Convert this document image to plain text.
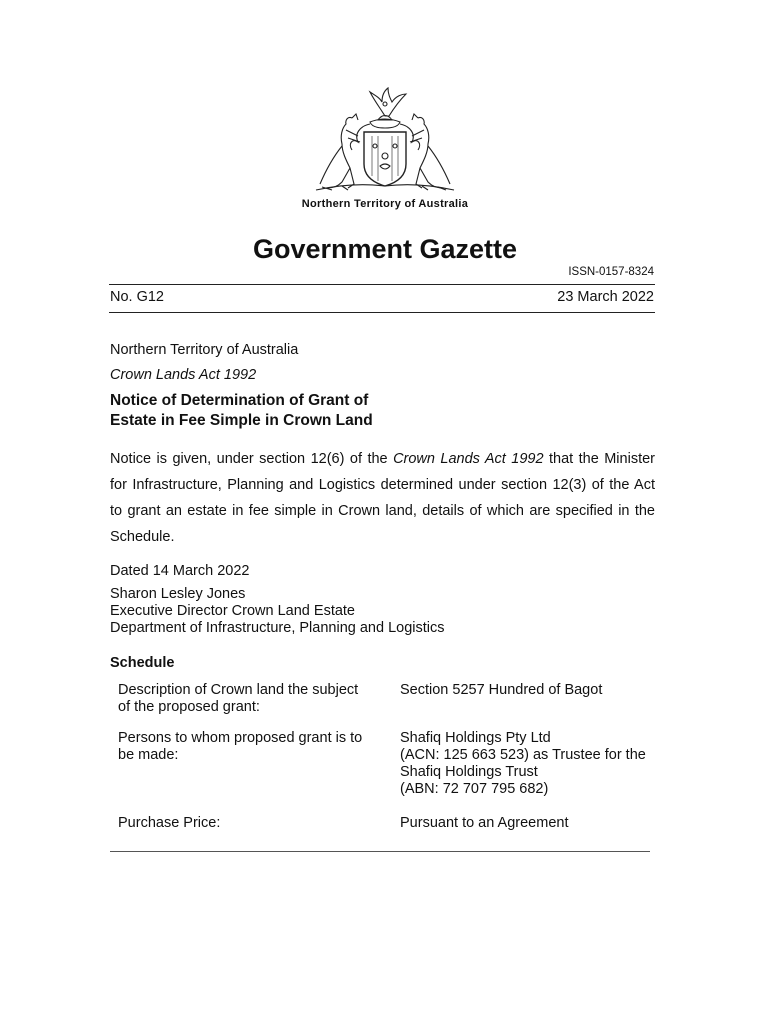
Northern Territory of Australia
Government Gazette
ISSN-0157-8324
No. G12	23 March 2022
Northern Territory of Australia
Crown Lands Act 1992
Notice of Determination of Grant of
Estate in Fee Simple in Crown Land
Notice is given, under section 12(6) of the Crown Lands Act 1992 that the Minister for Infrastructure, Planning and Logistics determined under section 12(3) of the Act to grant an estate in fee simple in Crown land, details of which are specified in the Schedule.
Dated 14 March 2022
Sharon Lesley Jones
Executive Director Crown Land Estate
Department of Infrastructure, Planning and Logistics
Schedule
Description of Crown land the subject
of the proposed grant:
Section 5257 Hundred of Bagot
Persons to whom proposed grant is to
be made:
Shafiq Holdings Pty Ltd
(ACN: 125 663 523) as Trustee for the
Shafiq Holdings Trust
(ABN: 72 707 795 682)
Purchase Price:	Pursuant to an Agreement
